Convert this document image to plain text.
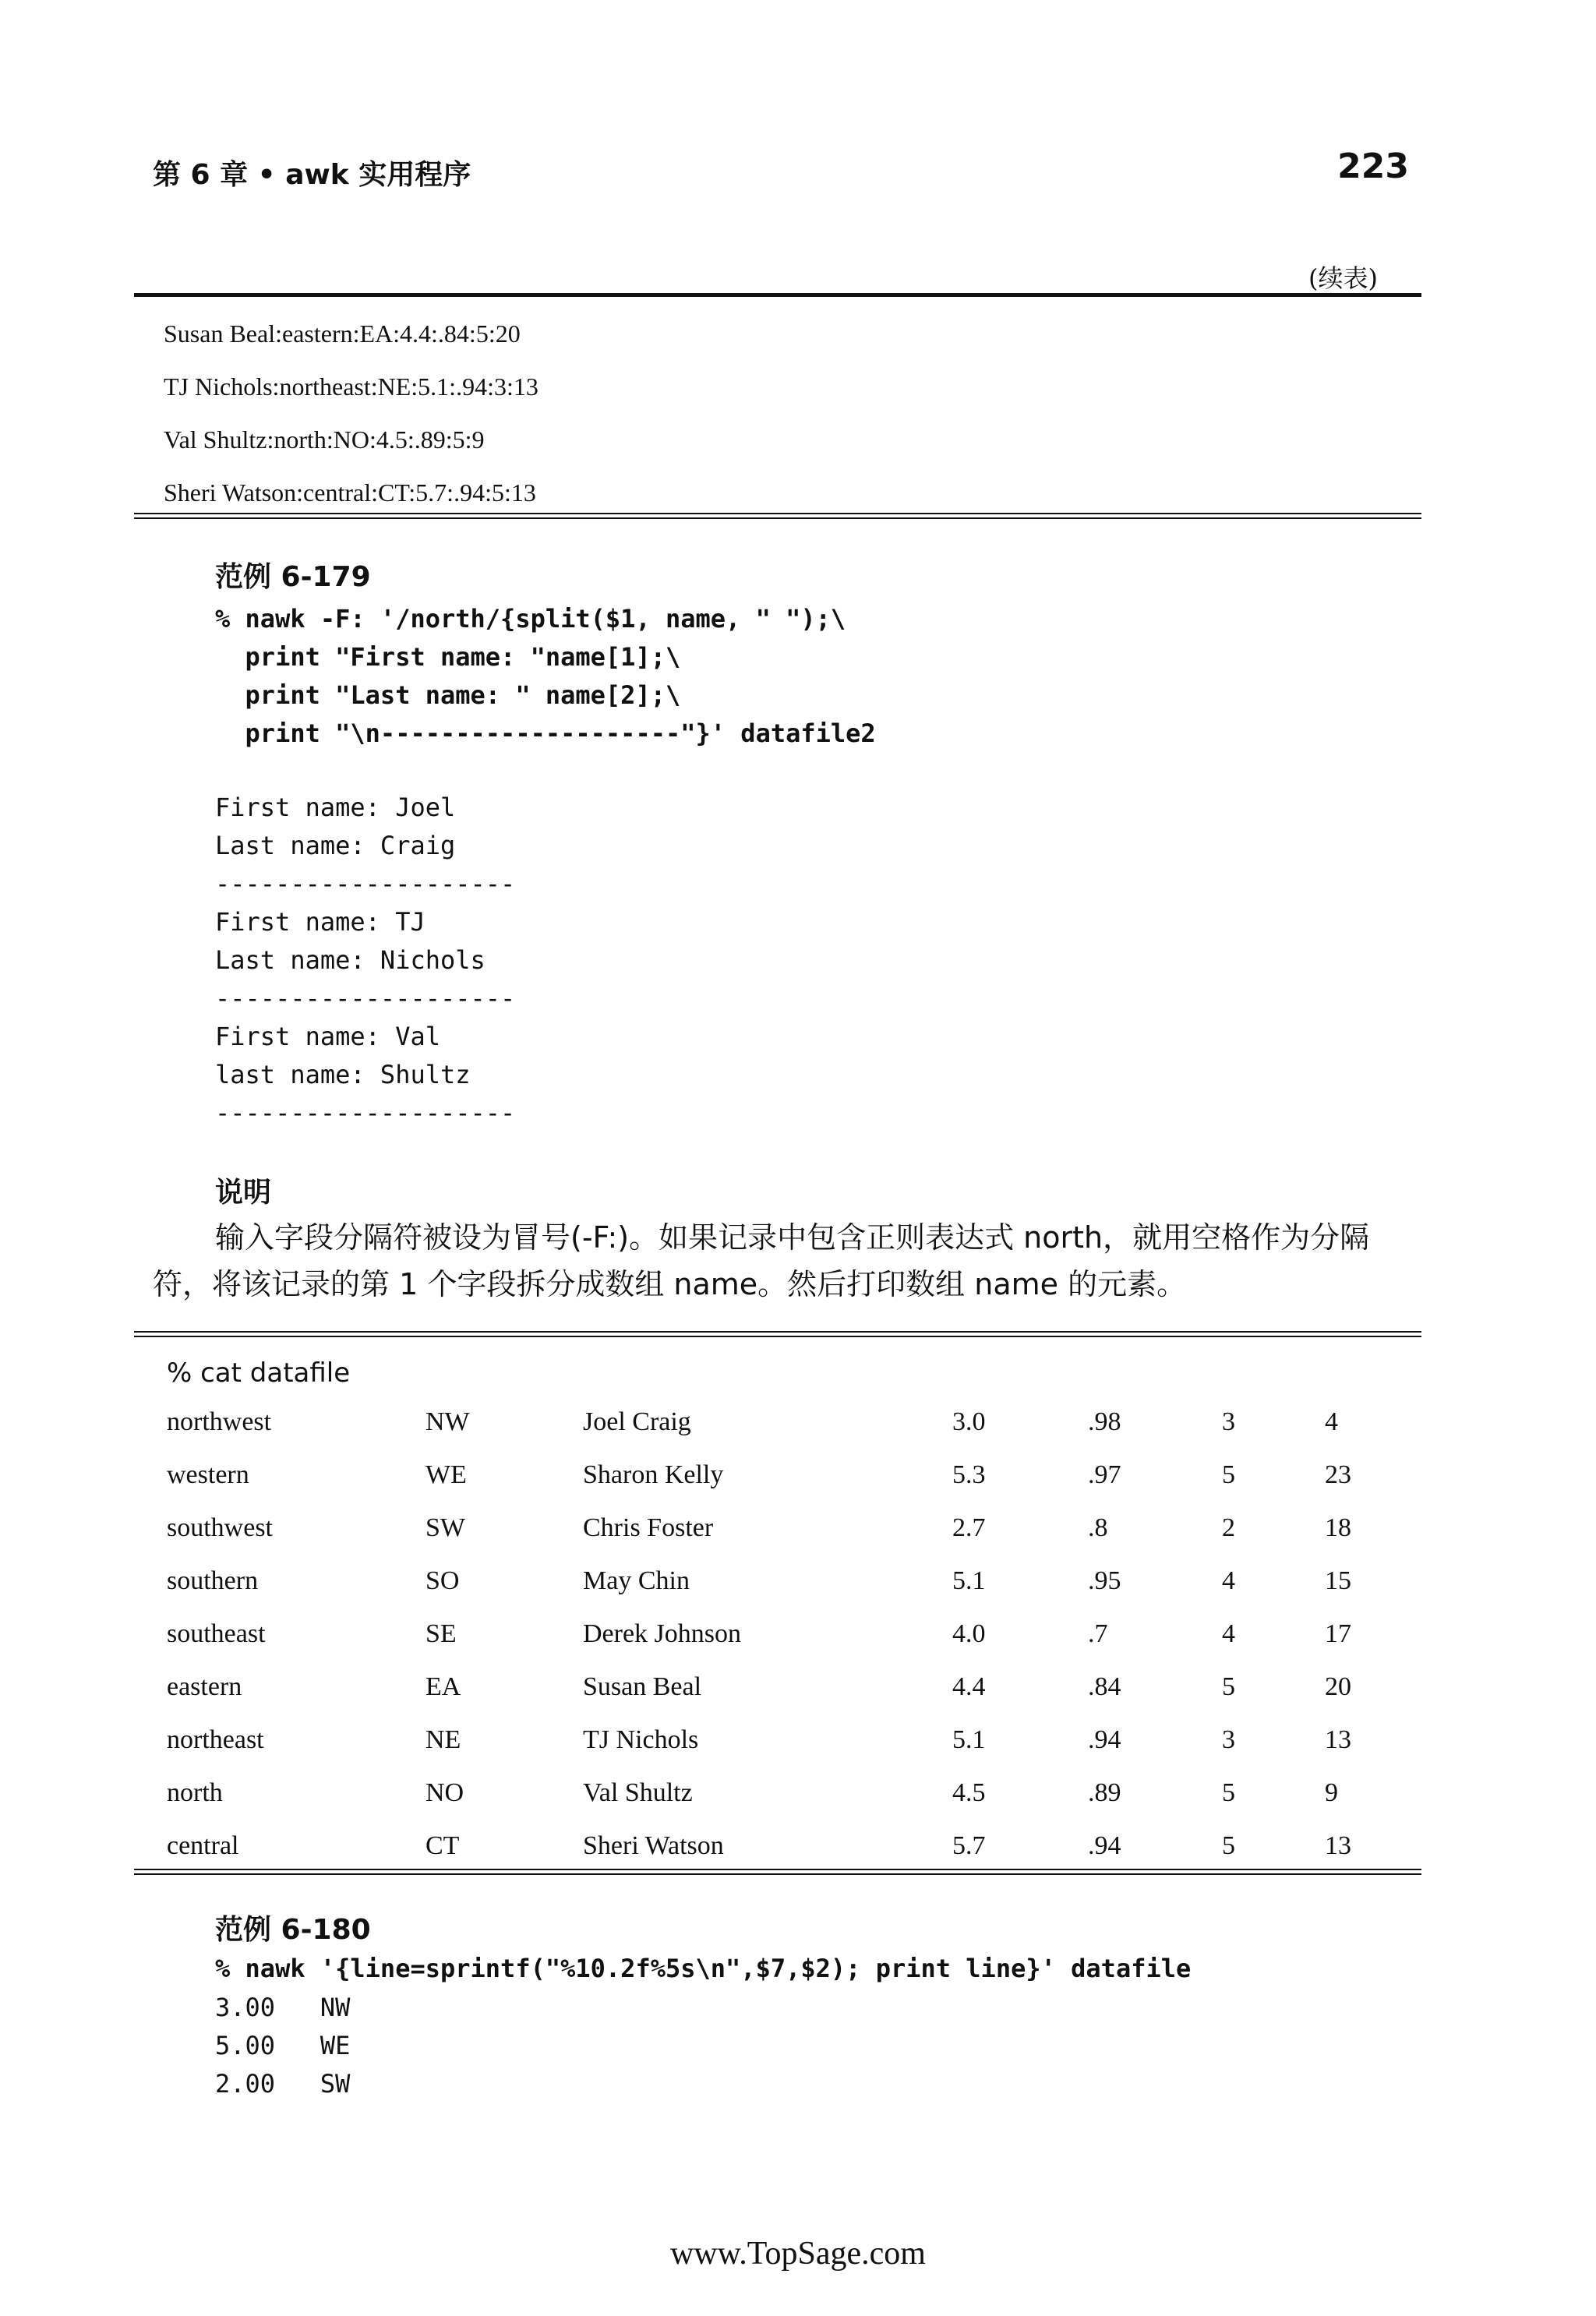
第 6 章 • awk 实用程序	223
(续表)
Susan Beal:eastern:EA:4.4:.84:5:20
TJ Nichols:northeast:NE:5.1:.94:3:13
Val Shultz:north:NO:4.5:.89:5:9
Sheri Watson:central:CT:5.7:.94:5:13
范例 6-179
% nawk -F: '/north/{split($1, name, " ");\
print "First name: "name[1];\
print "Last name: " name[2];\
print "\n--------------------"}' datafile2
First name: Joel
Last name: Craig
--------------------
First name: TJ
Last name: Nichols
--------------------
First name: Val
last name: Shultz
--------------------
说明
输入字段分隔符被设为冒号(-F:)。如果记录中包含正则表达式 north，就用空格作为分隔符，将该记录的第 1 个字段拆分成数组 name。然后打印数组 name 的元素。
% cat datafile
northwest	NW	Joel Craig	3.0	.98	3	4
western	WE	Sharon Kelly	5.3	.97	5	23
southwest	SW	Chris Foster	2.7	.8	2	18
southern	SO	May Chin	5.1	.95	4	15
southeast	SE	Derek Johnson	4.0	.7	4	17
eastern	EA	Susan Beal	4.4	.84	5	20
northeast	NE	TJ Nichols	5.1	.94	3	13
north	NO	Val Shultz	4.5	.89	5	9
central	CT	Sheri Watson	5.7	.94	5	13
范例 6-180
% nawk '{line=sprintf("%10.2f%5s\n",$7,$2); print line}' datafile
3.00   NW
5.00   WE
2.00   SW
www.TopSage.com
